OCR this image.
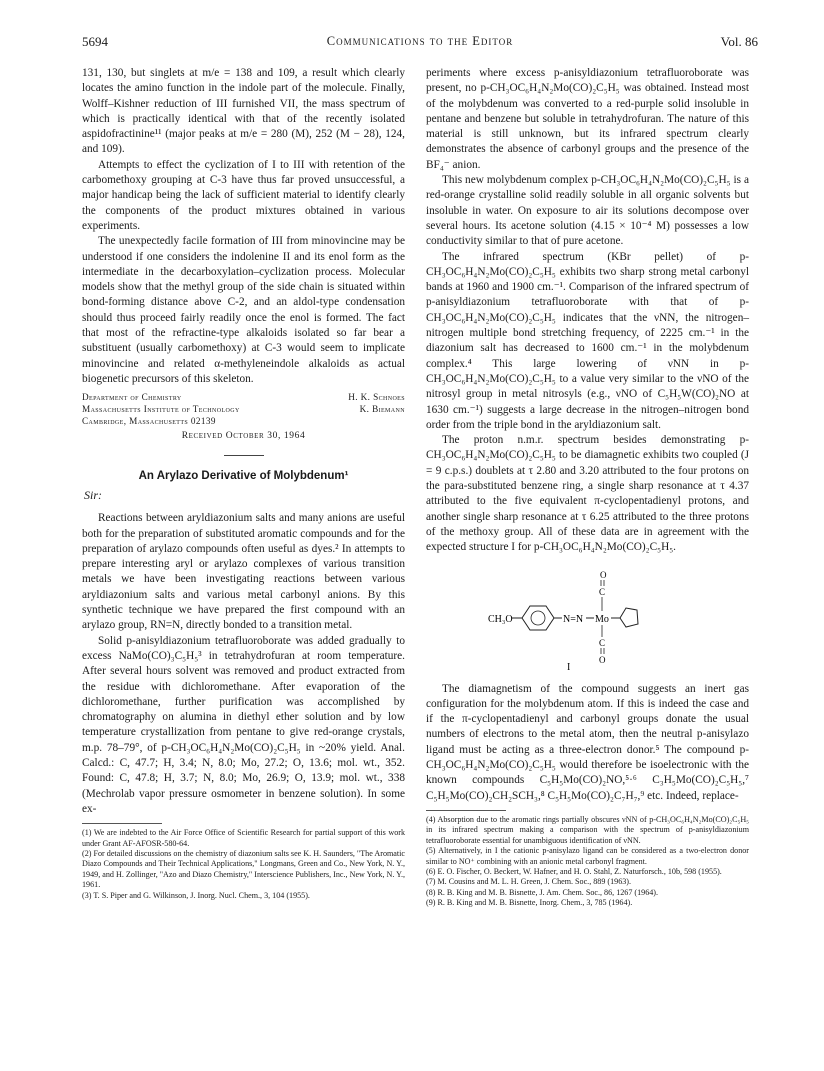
5694	Communications to the Editor	Vol. 86

131, 130, but singlets at m/e = 138 and 109, a result which clearly locates the amino function in the indole part of the molecule. Finally, Wolff–Kishner reduction of III furnished VII, the mass spectrum of which is practically identical with that of the recently isolated aspidofractinine¹¹ (major peaks at m/e = 280 (M), 252 (M − 28), 124, and 109).

Attempts to effect the cyclization of I to III with retention of the carbomethoxy grouping at C-3 have thus far proved unsuccessful, a major handicap being the lack of sufficient material to identify clearly the components of the product mixtures obtained in various experiments.

The unexpectedly facile formation of III from minovincine may be understood if one considers the indolenine II and its enol form as the intermediate in the decarboxylation–cyclization process. Molecular models show that the methyl group of the side chain is situated within bond-forming distance above C-2, and an aldol-type condensation should thus proceed fairly readily once the enol is formed. The fact that most of the refractine-type alkaloids isolated so far bear a substituent (usually carbomethoxy) at C-3 would seem to implicate minovincine and related α-methyleneindole alkaloids as actual biogenetic precursors of this skeleton.

Department of Chemistry
Massachusetts Institute of Technology
Cambridge, Massachusetts 02139
H. K. Schnoes
K. Biemann
Received October 30, 1964
An Arylazo Derivative of Molybdenum¹
Sir:

Reactions between aryldiazonium salts and many anions are useful both for the preparation of substituted aromatic compounds and for the preparation of arylazo compounds often useful as dyes.² In attempts to prepare interesting aryl or arylazo complexes of various transition metals we have been investigating reactions between various aryldiazonium salts and various metal carbonyl anions. By this synthetic technique we have prepared the first compound with an arylazo group, RN=N, directly bonded to a transition metal.

Solid p-anisyldiazonium tetrafluoroborate was added gradually to excess NaMo(CO)₃C₅H₅³ in tetrahydrofuran at room temperature. After several hours solvent was removed and product extracted from the residue with dichloromethane. After evaporation of the dichloromethane, further purification was accomplished by chromatography on alumina in diethyl ether solution and by low temperature crystallization from pentane to give red-orange crystals, m.p. 78–79°, of p-CH₃OC₆H₄N₂Mo(CO)₂C₅H₅ in ~20% yield. Anal. Calcd.: C, 47.7; H, 3.4; N, 8.0; Mo, 27.2; O, 13.6; mol. wt., 352. Found: C, 47.8; H, 3.7; N, 8.0; Mo, 26.9; O, 13.9; mol. wt., 338 (Mechrolab vapor pressure osmometer in benzene solution). In some ex-

(1) We are indebted to the Air Force Office of Scientific Research for partial support of this work under Grant AF-AFOSR-580-64.

(2) For detailed discussions on the chemistry of diazonium salts see K. H. Saunders, "The Aromatic Diazo Compounds and Their Technical Applications," Longmans, Green and Co., New York, N. Y., 1949, and H. Zollinger, "Azo and Diazo Chemistry," Interscience Publishers, Inc., New York, N. Y., 1961.

(3) T. S. Piper and G. Wilkinson, J. Inorg. Nucl. Chem., 3, 104 (1955).

periments where excess p-anisyldiazonium tetrafluoroborate was present, no p-CH₃OC₆H₄N₂Mo(CO)₂C₅H₅ was obtained. Instead most of the molybdenum was converted to a red-purple solid insoluble in pentane and benzene but soluble in tetrahydrofuran. The nature of this material is still unknown, but its infrared spectrum clearly demonstrates the absence of carbonyl groups and the presence of the BF₄⁻ anion.

This new molybdenum complex p-CH₃OC₆H₄N₂Mo(CO)₂C₅H₅ is a red-orange crystalline solid readily soluble in all organic solvents but insoluble in water. On exposure to air its solutions decompose over several hours. Its acetone solution (4.15 × 10⁻⁴ M) possesses a low conductivity similar to that of pure acetone.

The infrared spectrum (KBr pellet) of p-CH₃OC₆H₄N₂Mo(CO)₂C₅H₅ exhibits two sharp strong metal carbonyl bands at 1960 and 1900 cm.⁻¹. Comparison of the infrared spectrum of p-anisyldiazonium tetrafluoroborate with that of p-CH₃OC₆H₄N₂Mo(CO)₂C₅H₅ indicates that the νNN, the nitrogen–nitrogen multiple bond stretching frequency, of 2225 cm.⁻¹ in the diazonium salt has decreased to 1600 cm.⁻¹ in the molybdenum complex.⁴ This large lowering of νNN in p-CH₃OC₆H₄N₂Mo(CO)₂C₅H₅ to a value very similar to the νNO of the nitrosyl group in metal nitrosyls (e.g., νNO of C₅H₅W(CO)₂NO at 1630 cm.⁻¹) suggests a large decrease in the nitrogen–nitrogen bond order from the triple bond in the aryldiazonium salt.

The proton n.m.r. spectrum besides demonstrating p-CH₃OC₆H₄N₂Mo(CO)₂C₅H₅ to be diamagnetic exhibits two coupled (J = 9 c.p.s.) doublets at τ 2.80 and 3.20 attributed to the four protons on the para-substituted benzene ring, a single sharp resonance at τ 4.37 attributed to the five equivalent π-cyclopentadienyl protons, and another single sharp resonance at τ 6.25 attributed to the three protons of the methoxy group. All of these data are in agreement with the expected structure I for p-CH₃OC₆H₄N₂Mo(CO)₂C₅H₅.

CH₃O	N=N Mo
O
C
C
O
I

The diamagnetism of the compound suggests an inert gas configuration for the molybdenum atom. If this is indeed the case and if the π-cyclopentadienyl and carbonyl groups donate the usual numbers of electrons to the metal atom, then the neutral p-anisylazo ligand must be acting as a three-electron donor.⁵ The compound p-CH₃OC₆H₄N₂Mo(CO)₂C₅H₅ would therefore be isoelectronic with the known compounds C₅H₅Mo(CO)₂NO,⁵·⁶ C₃H₅Mo(CO)₂C₅H₅,⁷ C₅H₅Mo(CO)₂CH₂SCH₃,⁸ C₅H₅Mo(CO)₂C₇H₇,⁹ etc. Indeed, replace-

(4) Absorption due to the aromatic rings partially obscures νNN of p-CH₃OC₆H₄N₂Mo(CO)₂C₅H₅ in its infrared spectrum making a comparison with the spectrum of p-anisyldiazonium tetrafluoroborate essential for unambiguous identification of νNN.

(5) Alternatively, in I the cationic p-anisylazo ligand can be considered as a two-electron donor similar to NO⁺ combining with an anionic metal carbonyl fragment.

(6) E. O. Fischer, O. Beckert, W. Hafner, and H. O. Stahl, Z. Naturforsch., 10b, 598 (1955).

(7) M. Cousins and M. L. H. Green, J. Chem. Soc., 889 (1963).

(8) R. B. King and M. B. Bisnette, J. Am. Chem. Soc., 86, 1267 (1964).

(9) R. B. King and M. B. Bisnette, Inorg. Chem., 3, 785 (1964).
